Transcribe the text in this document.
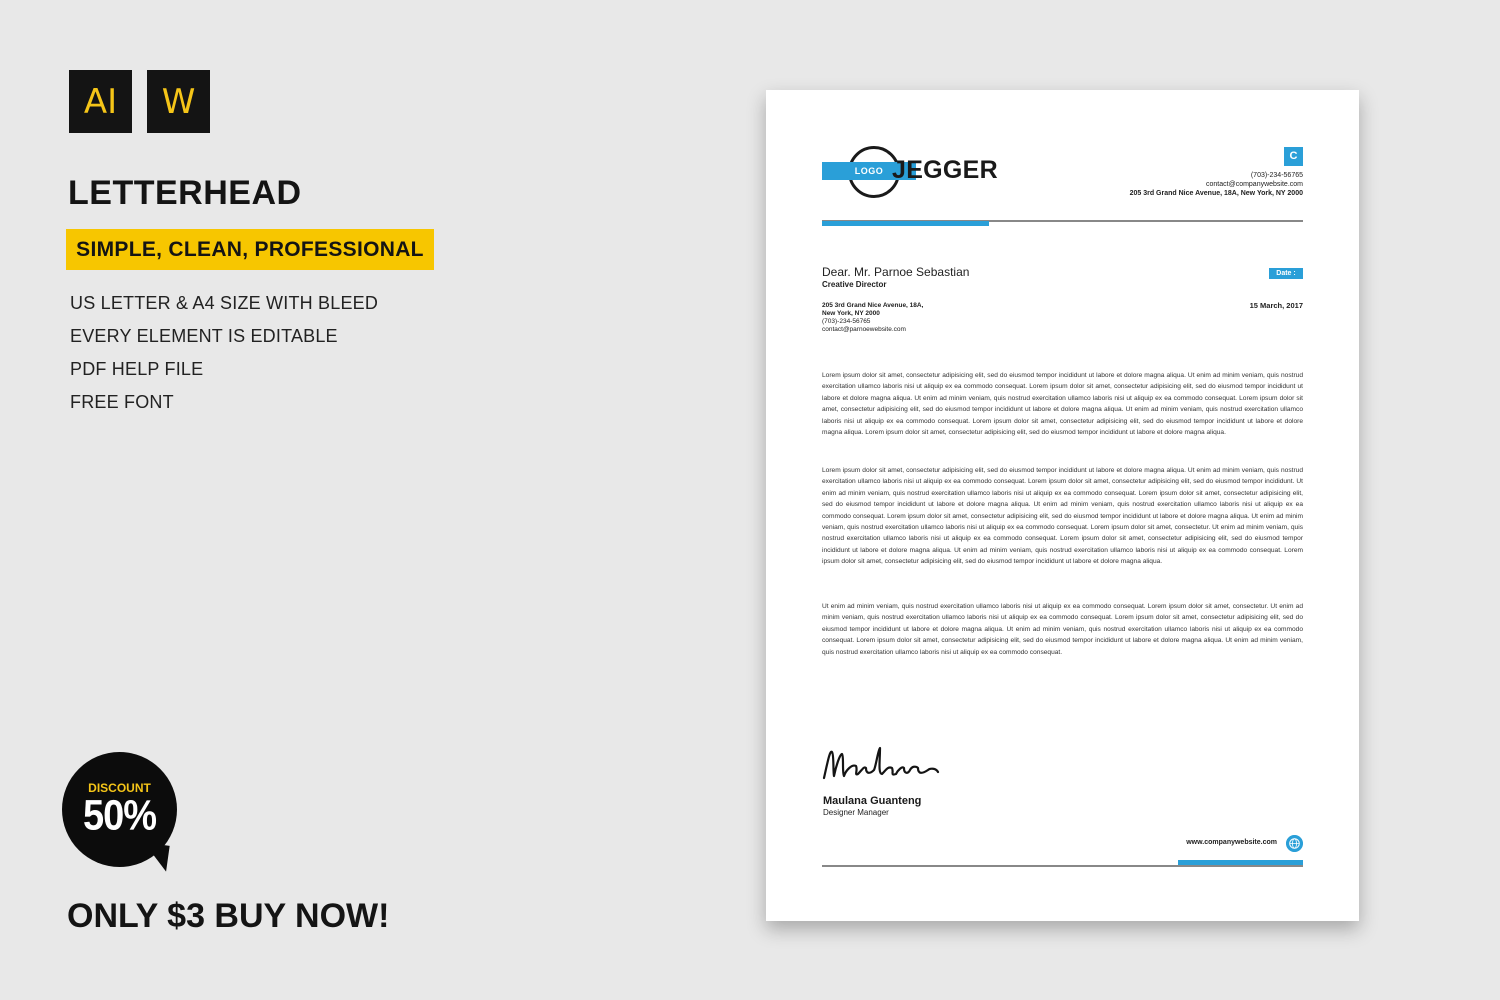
AI	W
LETTERHEAD
SIMPLE, CLEAN, PROFESSIONAL
US LETTER & A4 SIZE WITH BLEED
EVERY ELEMENT IS EDITABLE
PDF HELP FILE
FREE FONT
DISCOUNT
50%
ONLY $3 BUY NOW!
LOGO JEGGER	C
(703)-234-56765
contact@companywebsite.com
205 3rd Grand Nice Avenue, 18A, New York, NY 2000
Dear. Mr. Parnoe Sebastian
Creative Director
205 3rd Grand Nice Avenue, 18A,
New York, NY 2000
(703)-234-56765
contact@parnoewebsite.com
Date :
15 March, 2017

Lorem ipsum dolor sit amet, consectetur adipisicing elit, sed do eiusmod tempor incididunt ut labore et dolore magna aliqua. Ut enim ad minim veniam, quis nostrud exercitation ullamco laboris nisi ut aliquip ex ea commodo consequat. Lorem ipsum dolor sit amet, consectetur adipisicing elit, sed do eiusmod tempor incididunt ut labore et dolore magna aliqua. Ut enim ad minim veniam, quis nostrud exercitation ullamco laboris nisi ut aliquip ex ea commodo consequat. Lorem ipsum dolor sit amet, consectetur adipisicing elit, sed do eiusmod tempor incididunt ut labore et dolore magna aliqua. Ut enim ad minim veniam, quis nostrud exercitation ullamco laboris nisi ut aliquip ex ea commodo consequat. Lorem ipsum dolor sit amet, consectetur adipisicing elit, sed do eiusmod tempor incididunt ut labore et dolore magna aliqua. Lorem ipsum dolor sit amet, consectetur adipisicing elit, sed do eiusmod tempor incididunt ut labore et dolore magna aliqua.

Lorem ipsum dolor sit amet, consectetur adipisicing elit, sed do eiusmod tempor incididunt ut labore et dolore magna aliqua. Ut enim ad minim veniam, quis nostrud exercitation ullamco laboris nisi ut aliquip ex ea commodo consequat. Lorem ipsum dolor sit amet, consectetur adipisicing elit, sed do eiusmod tempor incididunt. Ut enim ad minim veniam, quis nostrud exercitation ullamco laboris nisi ut aliquip ex ea commodo consequat. Lorem ipsum dolor sit amet, consectetur adipisicing elit, sed do eiusmod tempor incididunt ut labore et dolore magna aliqua. Ut enim ad minim veniam, quis nostrud exercitation ullamco laboris nisi ut aliquip ex ea commodo consequat. Lorem ipsum dolor sit amet, consectetur adipisicing elit, sed do eiusmod tempor incididunt ut labore et dolore magna aliqua. Ut enim ad minim veniam, quis nostrud exercitation ullamco laboris nisi ut aliquip ex ea commodo consequat. Lorem ipsum dolor sit amet, consectetur. Ut enim ad minim veniam, quis nostrud exercitation ullamco laboris nisi ut aliquip ex ea commodo consequat. Lorem ipsum dolor sit amet, consectetur adipisicing elit, sed do eiusmod tempor incididunt ut labore et dolore magna aliqua. Ut enim ad minim veniam, quis nostrud exercitation ullamco laboris nisi ut aliquip ex ea commodo consequat. Lorem ipsum dolor sit amet, consectetur adipisicing elit, sed do eiusmod tempor incididunt ut labore et dolore magna aliqua.

Ut enim ad minim veniam, quis nostrud exercitation ullamco laboris nisi ut aliquip ex ea commodo consequat. Lorem ipsum dolor sit amet, consectetur. Ut enim ad minim veniam, quis nostrud exercitation ullamco laboris nisi ut aliquip ex ea commodo consequat. Lorem ipsum dolor sit amet, consectetur adipisicing elit, sed do eiusmod tempor incididunt ut labore et dolore magna aliqua. Ut enim ad minim veniam, quis nostrud exercitation ullamco laboris nisi ut aliquip ex ea commodo consequat. Lorem ipsum dolor sit amet, consectetur adipisicing elit, sed do eiusmod tempor incididunt ut labore et dolore magna aliqua. Ut enim ad minim veniam, quis nostrud exercitation ullamco laboris nisi ut aliquip ex ea commodo consequat.

Maulana Guanteng
Designer Manager
www.companywebsite.com
